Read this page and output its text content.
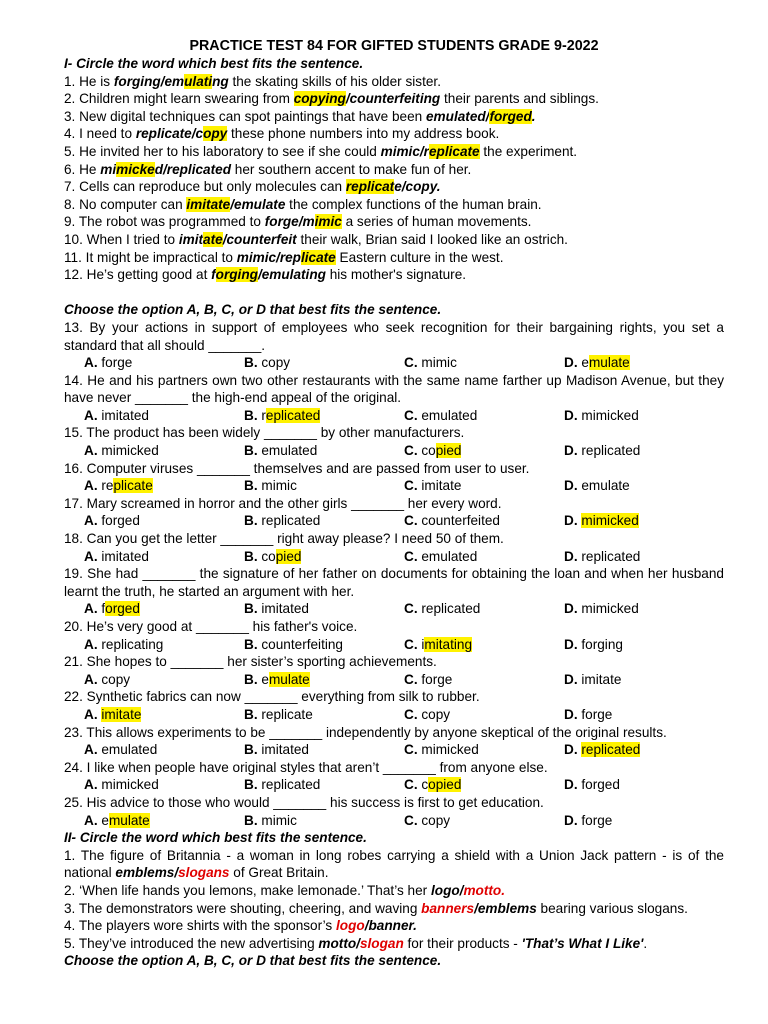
PRACTICE TEST 84 FOR GIFTED STUDENTS GRADE 9-2022
I- Circle the word which best fits the sentence.
1. He is forging/emulating the skating skills of his older sister.
2. Children might learn swearing from copying/counterfeiting their parents and siblings.
3. New digital techniques can spot paintings that have been emulated/forged.
4. I need to replicate/copy these phone numbers into my address book.
5. He invited her to his laboratory to see if she could mimic/replicate the experiment.
6. He mimicked/replicated her southern accent to make fun of her.
7. Cells can reproduce but only molecules can replicate/copy.
8. No computer can imitate/emulate the complex functions of the human brain.
9. The robot was programmed to forge/mimic a series of human movements.
10. When I tried to imitate/counterfeit their walk, Brian said I looked like an ostrich.
11. It might be impractical to mimic/replicate Eastern culture in the west.
12. He’s getting good at forging/emulating his mother's signature.
Choose the option A, B, C, or D that best fits the sentence.
13. By your actions in support of employees who seek recognition for their bargaining rights, you set a standard that all should _______.
A. forge	B. copy	C. mimic	D. emulate
14. He and his partners own two other restaurants with the same name farther up Madison Avenue, but they have never _______ the high-end appeal of the original.
A. imitated	B. replicated	C. emulated	D. mimicked
15. The product has been widely _______ by other manufacturers.
A. mimicked	B. emulated	C. copied	D. replicated
16. Computer viruses _______ themselves and are passed from user to user.
A. replicate	B. mimic	C. imitate	D. emulate
17. Mary screamed in horror and the other girls _______ her every word.
A. forged	B. replicated	C. counterfeited	D. mimicked
18. Can you get the letter _______ right away please? I need 50 of them.
A. imitated	B. copied	C. emulated	D. replicated
19. She had _______ the signature of her father on documents for obtaining the loan and when her husband learnt the truth, he started an argument with her.
A. forged	B. imitated	C. replicated	D. mimicked
20. He’s very good at _______ his father's voice.
A. replicating	B. counterfeiting	C. imitating	D. forging
21. She hopes to _______ her sister’s sporting achievements.
A. copy	B. emulate	C. forge	D. imitate
22. Synthetic fabrics can now _______ everything from silk to rubber.
A. imitate	B. replicate	C. copy	D. forge
23. This allows experiments to be _______ independently by anyone skeptical of the original results.
A. emulated	B. imitated	C. mimicked	D. replicated
24. I like when people have original styles that aren’t _______ from anyone else.
A. mimicked	B. replicated	C. copied	D. forged
25. His advice to those who would _______ his success is first to get education.
A. emulate	B. mimic	C. copy	D. forge
II- Circle the word which best fits the sentence.
1. The figure of Britannia - a woman in long robes carrying a shield with a Union Jack pattern - is of the national emblems/slogans of Great Britain.
2. ‘When life hands you lemons, make lemonade.’ That’s her logo/motto.
3. The demonstrators were shouting, cheering, and waving banners/emblems bearing various slogans.
4. The players wore shirts with the sponsor’s logo/banner.
5. They’ve introduced the new advertising motto/slogan for their products - 'That’s What I Like'.
Choose the option A, B, C, or D that best fits the sentence.
